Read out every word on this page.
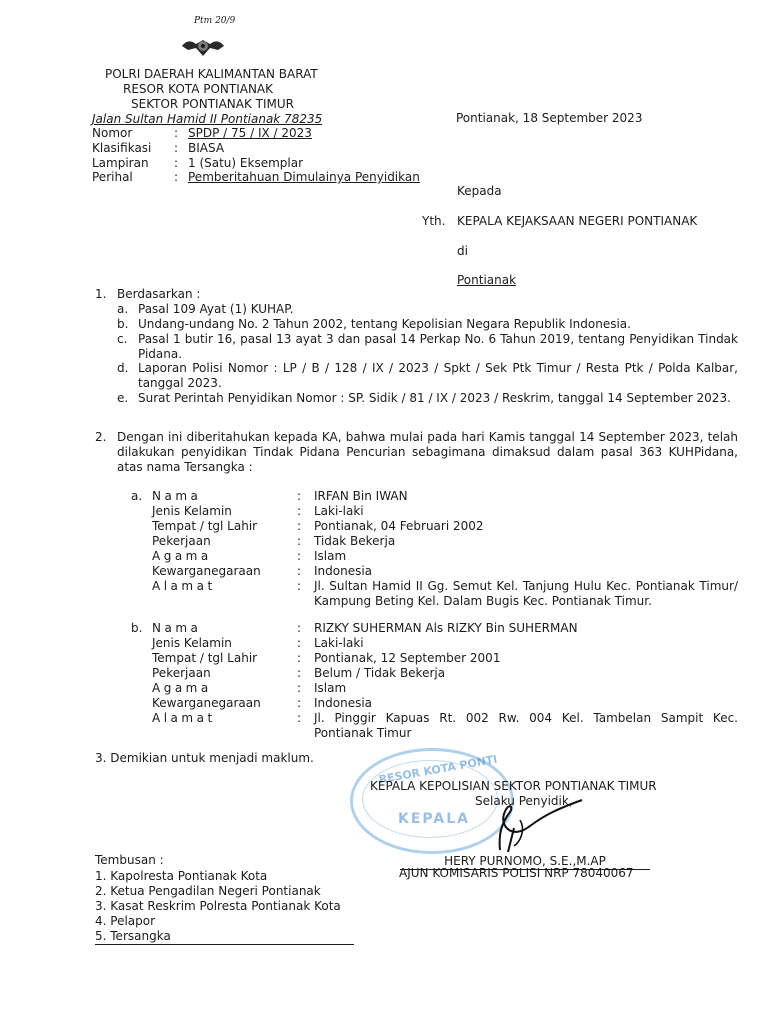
Ptm 20/9
POLRI DAERAH KALIMANTAN BARAT
RESOR KOTA PONTIANAK
SEKTOR PONTIANAK TIMUR
Jalan Sultan Hamid II Pontianak 78235	Pontianak, 18 September 2023
Nomor	: SPDP / 75 / IX / 2023
Klasifikasi : BIASA
Lampiran : 1 (Satu) Eksemplar
Perihal	: Pemberitahuan Dimulainya Penyidikan
Kepada
Yth. KEPALA KEJAKSAAN NEGERI PONTIANAK
di
Pontianak
1. Berdasarkan :
a. Pasal 109 Ayat (1) KUHAP.
b. Undang-undang No. 2 Tahun 2002, tentang Kepolisian Negara Republik Indonesia.
c. Pasal 1 butir 16, pasal 13 ayat 3 dan pasal 14 Perkap No. 6 Tahun 2019, tentang Penyidikan Tindak Pidana.
d. Laporan Polisi Nomor : LP / B / 128 / IX / 2023 / Spkt / Sek Ptk Timur / Resta Ptk / Polda Kalbar, tanggal 2023.
e. Surat Perintah Penyidikan Nomor : SP. Sidik / 81 / IX / 2023 / Reskrim, tanggal 14 September 2023.
2. Dengan ini diberitahukan kepada KA, bahwa mulai pada hari Kamis tanggal 14 September 2023, telah dilakukan penyidikan Tindak Pidana Pencurian sebagimana dimaksud dalam pasal 363 KUHPidana, atas nama Tersangka :
a. Nama	: IRFAN Bin IWAN
Jenis Kelamin	: Laki-laki
Tempat / tgl Lahir	: Pontianak, 04 Februari 2002
Pekerjaan	: Tidak Bekerja
Agama	: Islam
Kewarganegaraan	: Indonesia
Alamat	: Jl. Sultan Hamid II Gg. Semut Kel. Tanjung Hulu Kec. Pontianak Timur/ Kampung Beting Kel. Dalam Bugis Kec. Pontianak Timur.
b. Nama	: RIZKY SUHERMAN Als RIZKY Bin SUHERMAN
Jenis Kelamin	: Laki-laki
Tempat / tgl Lahir	: Pontianak, 12 September 2001
Pekerjaan	: Belum / Tidak Bekerja
Agama	: Islam
Kewarganegaraan	: Indonesia
Alamat	: Jl. Pinggir Kapuas Rt. 002 Rw. 004 Kel. Tambelan Sampit Kec. Pontianak Timur
3. Demikian untuk menjadi maklum.	RESOR KOTA PONTI
KEPALA
KEPALA KEPOLISIAN SEKTOR PONTIANAK TIMUR
Selaku Penyidik,
HERY PURNOMO, S.E.,M.AP
AJUN KOMISARIS POLISI NRP 78040067
Tembusan :
1. Kapolresta Pontianak Kota
2. Ketua Pengadilan Negeri Pontianak
3. Kasat Reskrim Polresta Pontianak Kota
4. Pelapor
5. Tersangka
